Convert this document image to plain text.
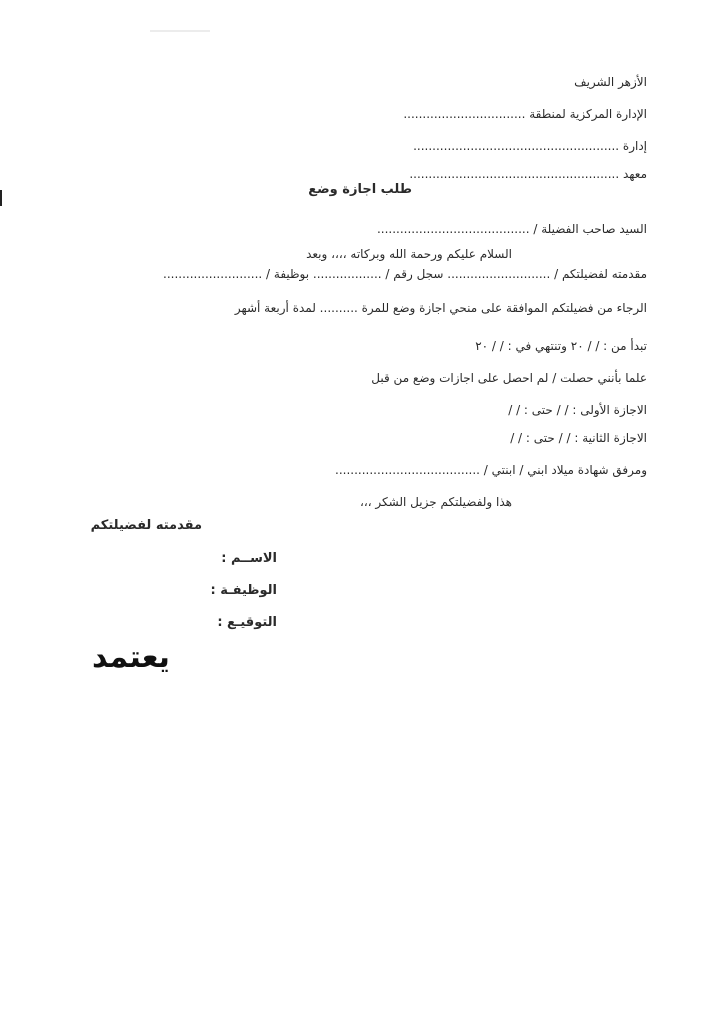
الأزهر الشريف
الإدارة المركزية لمنطقة ................................
إدارة ......................................................
معهد .......................................................
طلب اجازة وضع
السيد صاحب الفضيلة / ........................................
السلام عليكم ورحمة الله وبركاته ،،،، وبعد
مقدمته لفضيلتكم / ........................... سجل رقم / .................. بوظيفة / ..........................
الرجاء من فضيلتكم الموافقة على منحي اجازة وضع للمرة .......... لمدة أربعة أشهر
تبدأ من : / / ٢٠ وتنتهي في : / / ٢٠
علما بأنني حصلت / لم احصل على اجازات وضع من قبل
الاجازة الأولى : / / حتى : / /
الاجازة الثانية : / / حتى : / /
ومرفق شهادة ميلاد ابني / ابنتي / ......................................
هذا ولفضيلتكم جزيل الشكر ،،،
مقدمته لفضيلتكم
الاســم :
الوظيفـة :
التوقيـع :
يعتمد
